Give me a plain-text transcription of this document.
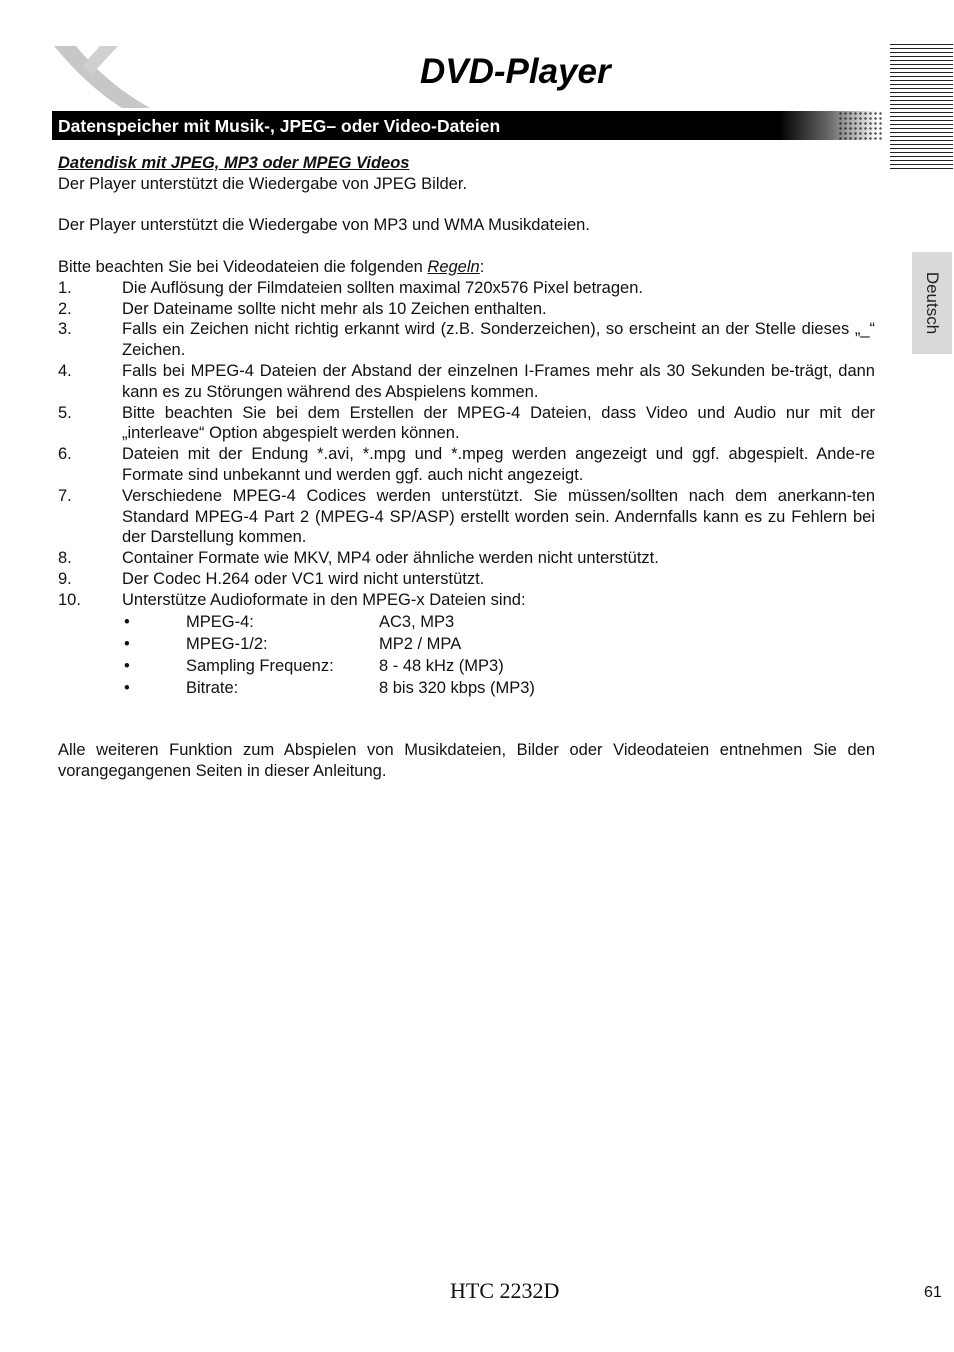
DVD-Player
Datenspeicher mit Musik-, JPEG– oder Video-Dateien
Deutsch
Datendisk mit JPEG, MP3 oder MPEG Videos

Der Player unterstützt die Wiedergabe von JPEG Bilder.

Der Player unterstützt die Wiedergabe von MP3 und WMA Musikdateien.

Bitte beachten Sie bei Videodateien die folgenden Regeln:

1.	Die Auflösung der Filmdateien sollten maximal 720x576 Pixel betragen.
2.	Der Dateiname sollte nicht mehr als 10 Zeichen enthalten.
3.	Falls ein Zeichen nicht richtig erkannt wird (z.B. Sonderzeichen), so erscheint an der Stelle dieses „_“ Zeichen.
4.	Falls bei MPEG-4 Dateien der Abstand der einzelnen I-Frames mehr als 30 Sekunden be-trägt, dann kann es zu Störungen während des Abspielens kommen.
5.	Bitte beachten Sie bei dem Erstellen der MPEG-4 Dateien, dass Video und Audio nur mit der „interleave“ Option abgespielt werden können.
6.	Dateien mit der Endung *.avi, *.mpg und *.mpeg werden angezeigt und ggf. abgespielt. Ande-re Formate sind unbekannt und werden ggf. auch nicht angezeigt.
7.	Verschiedene MPEG-4 Codices werden unterstützt. Sie müssen/sollten nach dem anerkann-ten Standard MPEG-4 Part 2 (MPEG-4 SP/ASP) erstellt worden sein. Andernfalls kann es zu Fehlern bei der Darstellung kommen.
8.	Container Formate wie MKV, MP4 oder ähnliche werden nicht unterstützt.
9.	Der Codec H.264 oder VC1 wird nicht unterstützt.
10. Unterstütze Audioformate in den MPEG-x Dateien sind:
•	MPEG-4:	AC3, MP3
•	MPEG-1/2:	MP2 / MPA
•	Sampling Frequenz:	8 - 48 kHz (MP3)
•	Bitrate:	8 bis 320 kbps (MP3)

Alle weiteren Funktion zum Abspielen von Musikdateien, Bilder oder Videodateien entnehmen Sie den vorangegangenen Seiten in dieser Anleitung.

HTC 2232D	61
